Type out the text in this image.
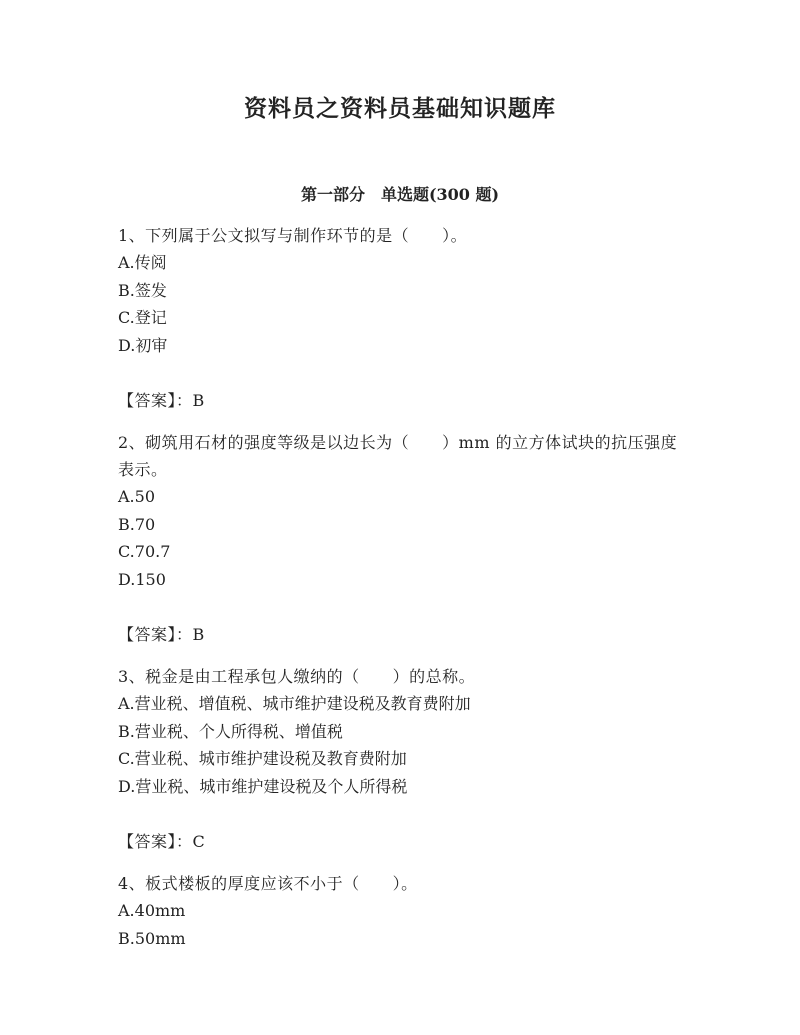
资料员之资料员基础知识题库
第一部分　单选题(300 题)
1、下列属于公文拟写与制作环节的是（　　）。
A.传阅
B.签发
C.登记
D.初审
【答案】：B
2、砌筑用石材的强度等级是以边长为（　　）mm 的立方体试块的抗压强度表示。
A.50
B.70
C.70.7
D.150
【答案】：B
3、税金是由工程承包人缴纳的（　　）的总称。
A.营业税、增值税、城市维护建设税及教育费附加
B.营业税、个人所得税、增值税
C.营业税、城市维护建设税及教育费附加
D.营业税、城市维护建设税及个人所得税
【答案】：C
4、板式楼板的厚度应该不小于（　　）。
A.40mm
B.50mm
